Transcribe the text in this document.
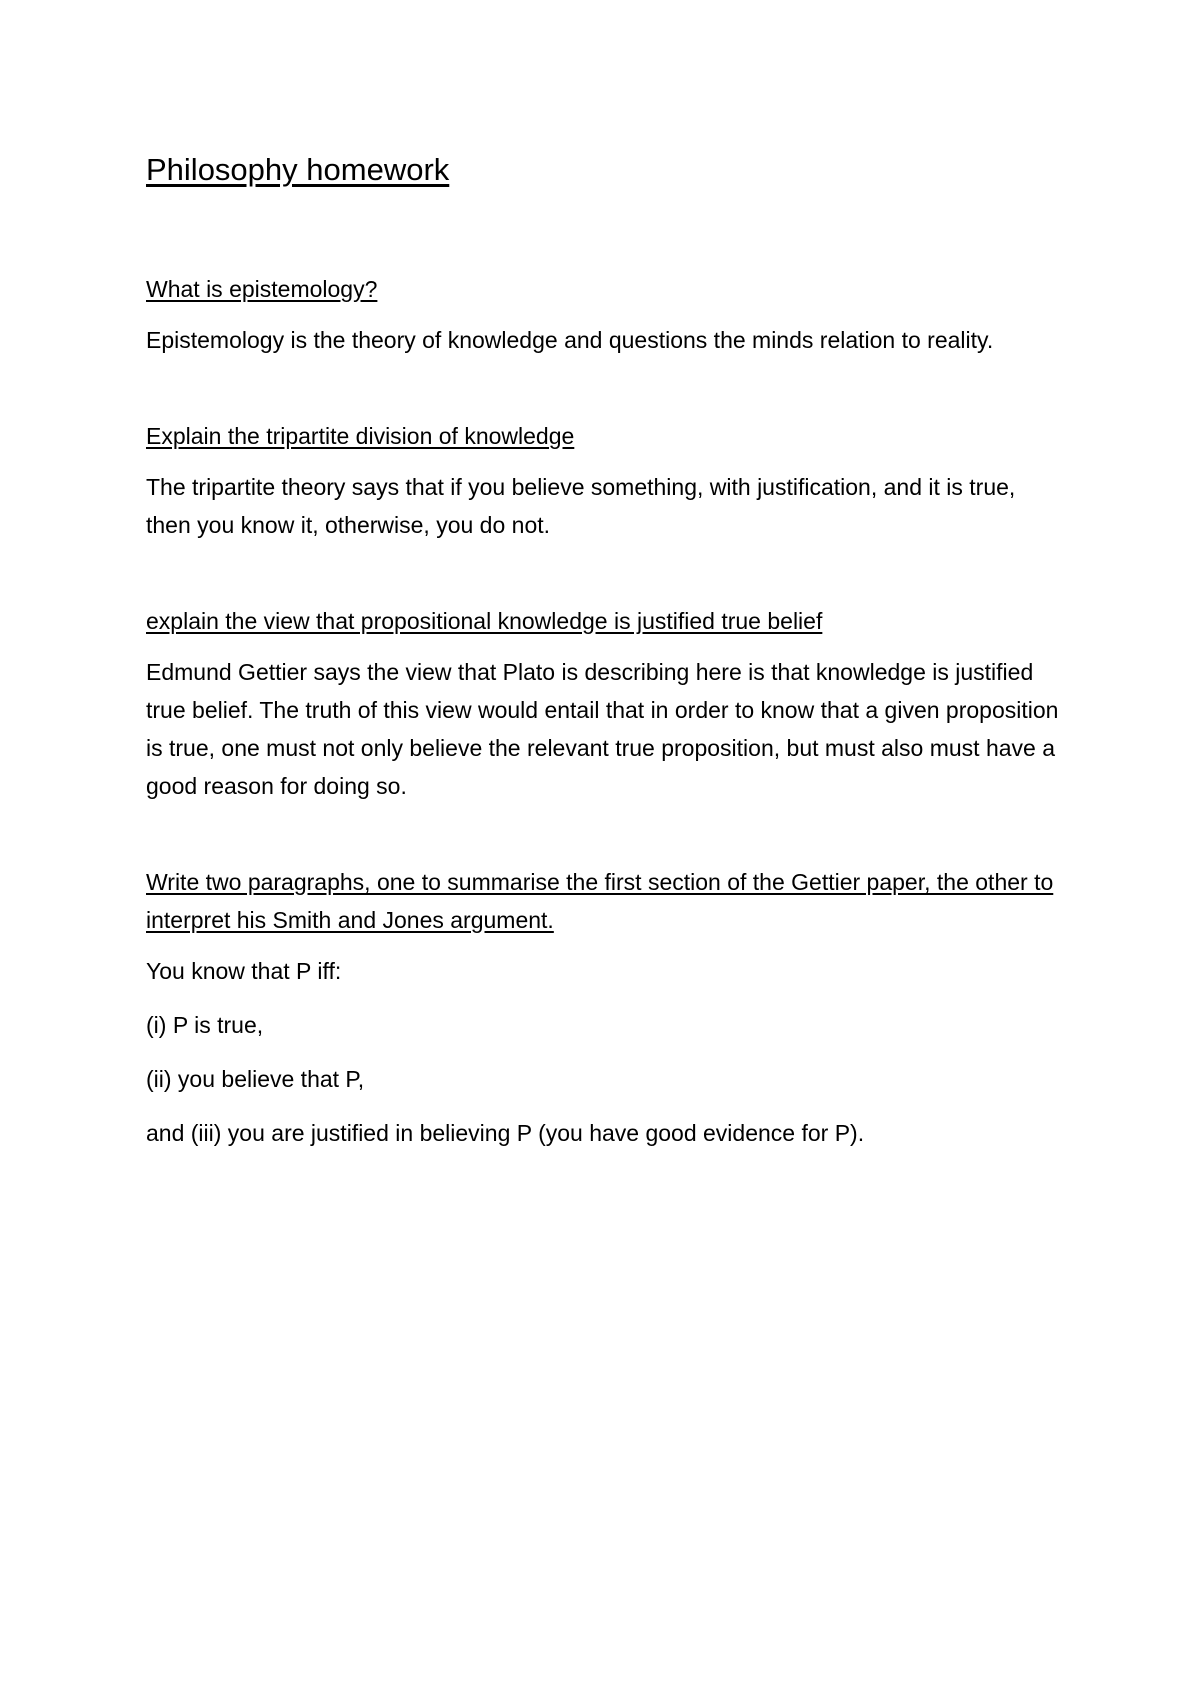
Philosophy homework
What is epistemology?

Epistemology is the theory of knowledge and questions the minds relation to reality.

Explain the tripartite division of knowledge

The tripartite theory says that if you believe something, with justification, and it is true, then you know it, otherwise, you do not.

explain the view that propositional knowledge is justified true belief

Edmund Gettier says the view that Plato is describing here is that knowledge is justified true belief. The truth of this view would entail that in order to know that a given proposition is true, one must not only believe the relevant true proposition, but must also must have a good reason for doing so.

Write two paragraphs, one to summarise the first section of the Gettier paper, the other to interpret his Smith and Jones argument.

You know that P iff:

(i) P is true,

(ii) you believe that P,

and (iii) you are justified in believing P (you have good evidence for P).
